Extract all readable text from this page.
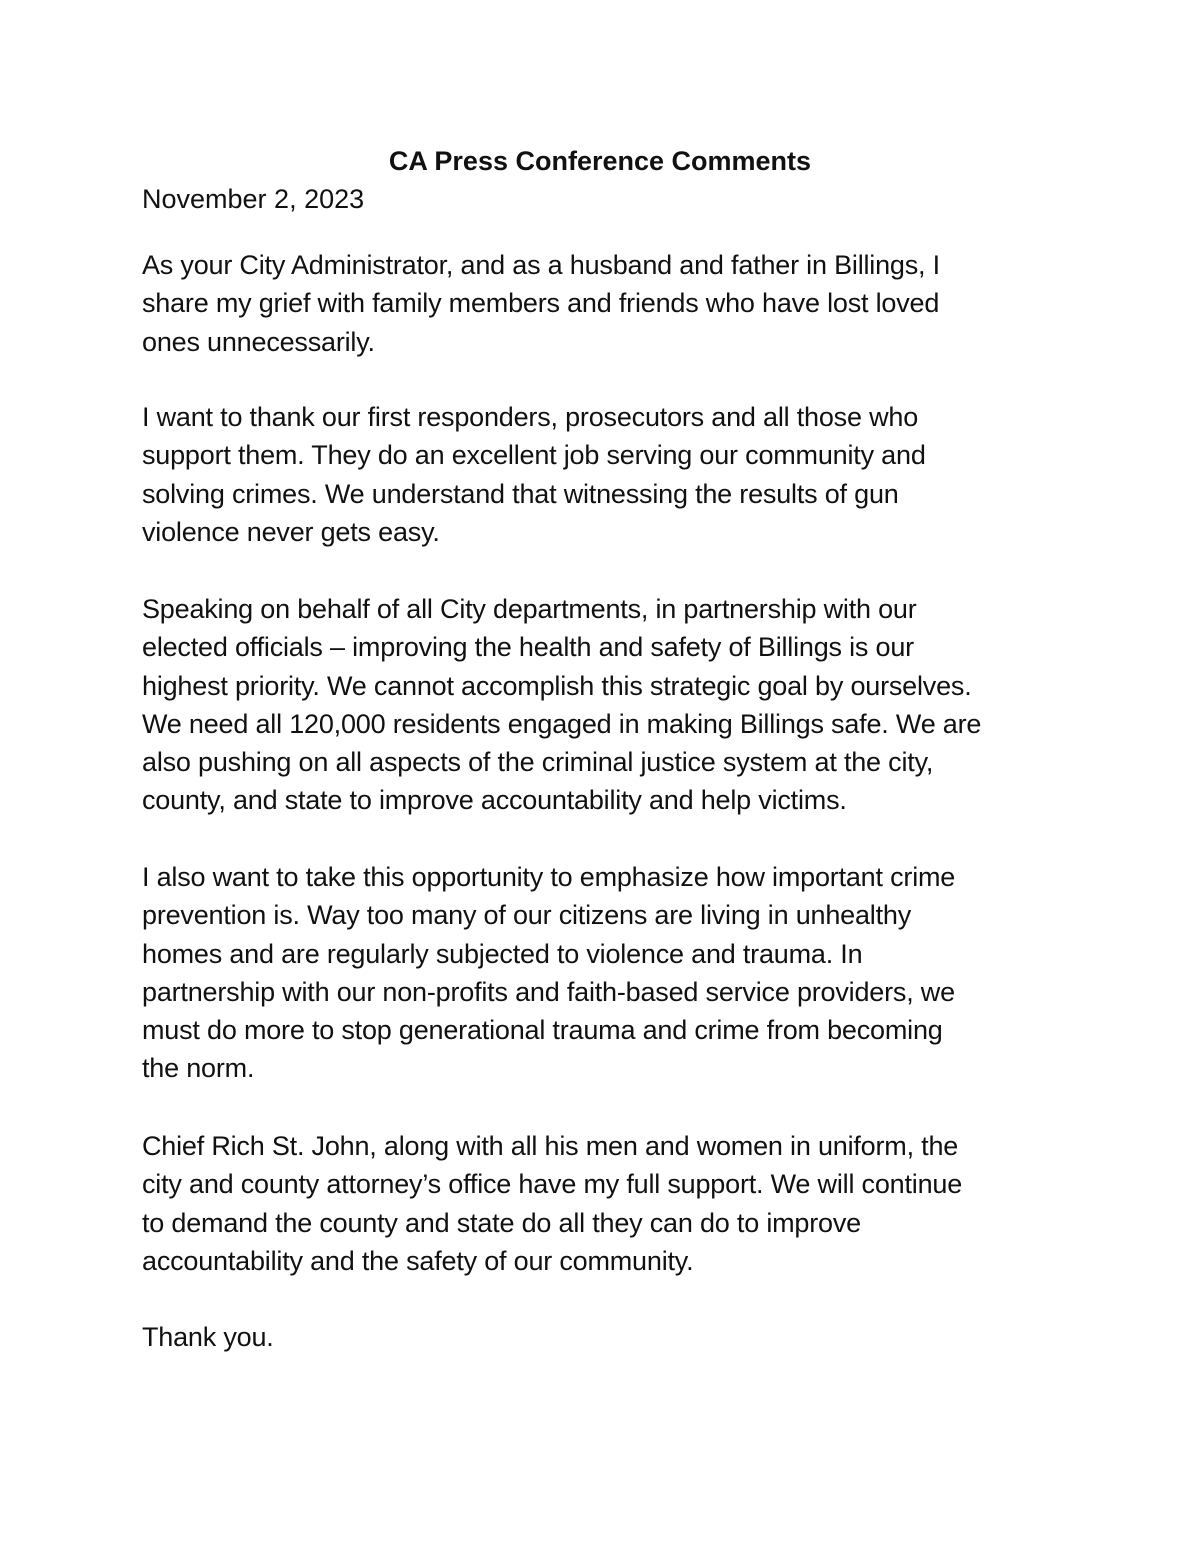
CA Press Conference Comments

November 2, 2023

As your City Administrator, and as a husband and father in Billings, I
share my grief with family members and friends who have lost loved
ones unnecessarily.

I want to thank our first responders, prosecutors and all those who
support them. They do an excellent job serving our community and
solving crimes. We understand that witnessing the results of gun
violence never gets easy.

Speaking on behalf of all City departments, in partnership with our
elected officials – improving the health and safety of Billings is our
highest priority. We cannot accomplish this strategic goal by ourselves.
We need all 120,000 residents engaged in making Billings safe. We are
also pushing on all aspects of the criminal justice system at the city,
county, and state to improve accountability and help victims.

I also want to take this opportunity to emphasize how important crime
prevention is. Way too many of our citizens are living in unhealthy
homes and are regularly subjected to violence and trauma. In
partnership with our non-profits and faith-based service providers, we
must do more to stop generational trauma and crime from becoming
the norm.

Chief Rich St. John, along with all his men and women in uniform, the
city and county attorney’s office have my full support. We will continue
to demand the county and state do all they can do to improve
accountability and the safety of our community.

Thank you.
